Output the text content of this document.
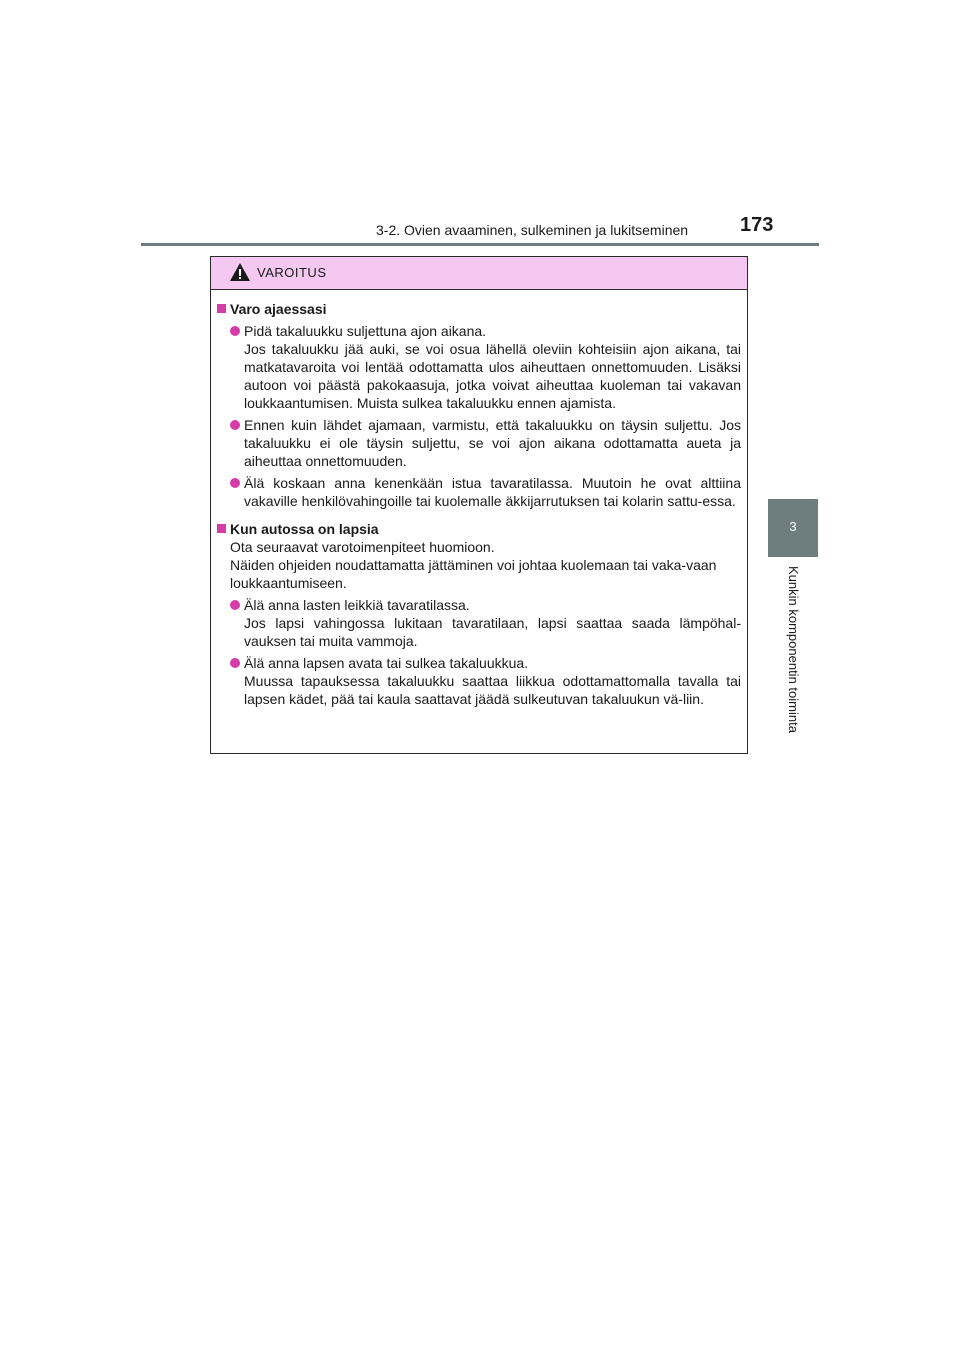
3-2. Ovien avaaminen, sulkeminen ja lukitseminen	173
3
Kunkin komponentin toiminta
VAROITUS
Varo ajaessasi
Pidä takaluukku suljettuna ajon aikana.
Jos takaluukku jää auki, se voi osua lähellä oleviin kohteisiin ajon aikana, tai matkatavaroita voi lentää odottamatta ulos aiheuttaen onnettomuuden. Lisäksi autoon voi päästä pakokaasuja, jotka voivat aiheuttaa kuoleman tai vakavan loukkaantumisen. Muista sulkea takaluukku ennen ajamista.
Ennen kuin lähdet ajamaan, varmistu, että takaluukku on täysin suljettu. Jos takaluukku ei ole täysin suljettu, se voi ajon aikana odottamatta aueta ja aiheuttaa onnettomuuden.
Älä koskaan anna kenenkään istua tavaratilassa. Muutoin he ovat alttiina vakaville henkilövahingoille tai kuolemalle äkkijarrutuksen tai kolarin sattu-essa.
Kun autossa on lapsia
Ota seuraavat varotoimenpiteet huomioon.
Näiden ohjeiden noudattamatta jättäminen voi johtaa kuolemaan tai vaka-vaan loukkaantumiseen.
Älä anna lasten leikkiä tavaratilassa.
Jos lapsi vahingossa lukitaan tavaratilaan, lapsi saattaa saada lämpöhal-vauksen tai muita vammoja.
Älä anna lapsen avata tai sulkea takaluukkua.
Muussa tapauksessa takaluukku saattaa liikkua odottamattomalla tavalla tai lapsen kädet, pää tai kaula saattavat jäädä sulkeutuvan takaluukun vä-liin.
